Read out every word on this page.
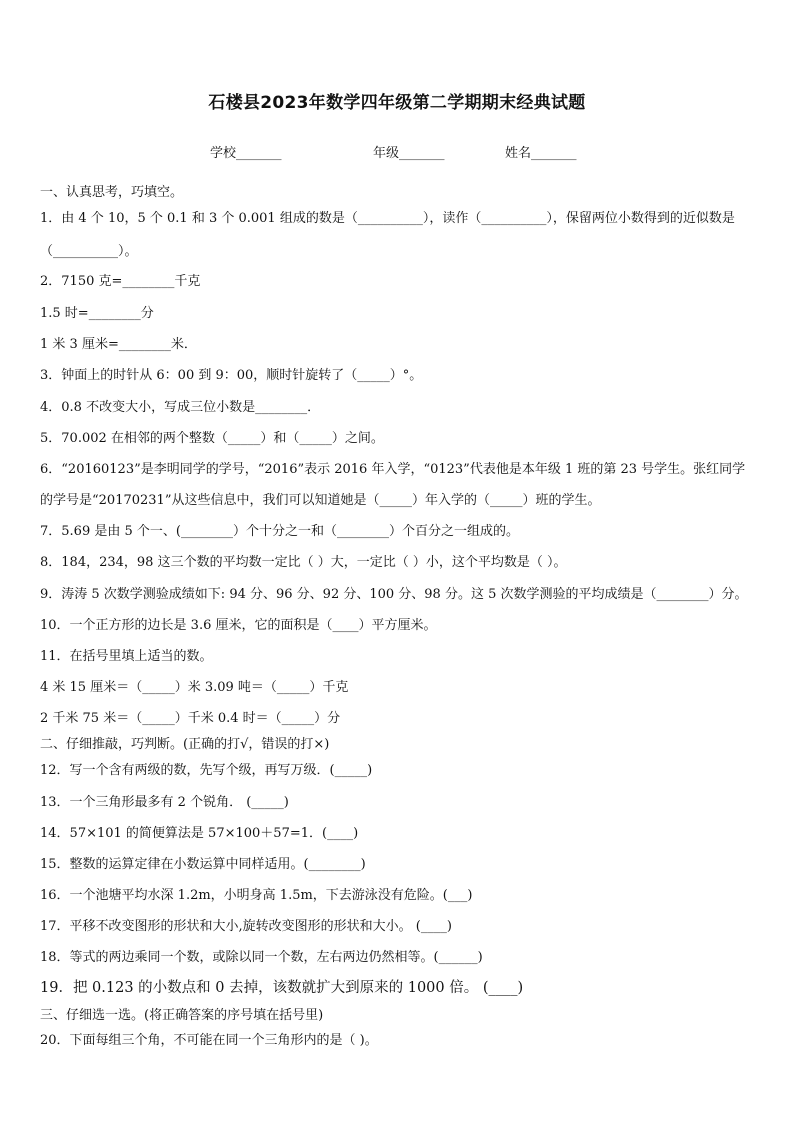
石楼县2023年数学四年级第二学期期末经典试题
学校_______	年级_______	姓名_______
一、认真思考，巧填空。
1．由 4 个 10，5 个 0.1 和 3 个 0.001 组成的数是（__________），读作（__________），保留两位小数得到的近似数是
（__________）。
2．7150 克=________千克
1.5 时=________分
1 米 3 厘米=________米．
3．钟面上的时针从 6：00 到 9：00，顺时针旋转了（_____）°。
4．0.8 不改变大小，写成三位小数是________．
5．70.002 在相邻的两个整数（_____）和（_____）之间。
6．“20160123”是李明同学的学号，“2016”表示 2016 年入学，“0123”代表他是本年级 1 班的第 23 号学生。张红同学
的学号是“20170231”从这些信息中，我们可以知道她是（_____）年入学的（_____）班的学生。
7．5.69 是由 5 个一、(________）个十分之一和（________）个百分之一组成的。
8．184，234，98 这三个数的平均数一定比（ ）大，一定比（ ）小，这个平均数是（ ）。
9．涛涛 5 次数学测验成绩如下: 94 分、96 分、92 分、100 分、98 分。这 5 次数学测验的平均成绩是（________）分。
10．一个正方形的边长是 3.6 厘米，它的面积是（____）平方厘米。
11．在括号里填上适当的数。
4 米 15 厘米＝（_____）米 3.09 吨＝（_____）千克
2 千米 75 米＝（_____）千米 0.4 时＝（_____）分
二、仔细推敲，巧判断。(正确的打√，错误的打×)
12．写一个含有两级的数，先写个级，再写万级．(_____)
13．一个三角形最多有 2 个锐角． (_____)
14．57×101 的简便算法是 57×100＋57=1．(____)
15．整数的运算定律在小数运算中同样适用。(________)
16．一个池塘平均水深 1.2m，小明身高 1.5m，下去游泳没有危险。(___)
17．平移不改变图形的形状和大小,旋转改变图形的形状和大小。 (____)
18．等式的两边乘同一个数，或除以同一个数，左右两边仍然相等。(______)
19．把 0.123 的小数点和 0 去掉，该数就扩大到原来的 1000 倍。 (____)
三、仔细选一选。(将正确答案的序号填在括号里)
20．下面每组三个角，不可能在同一个三角形内的是（ )。
